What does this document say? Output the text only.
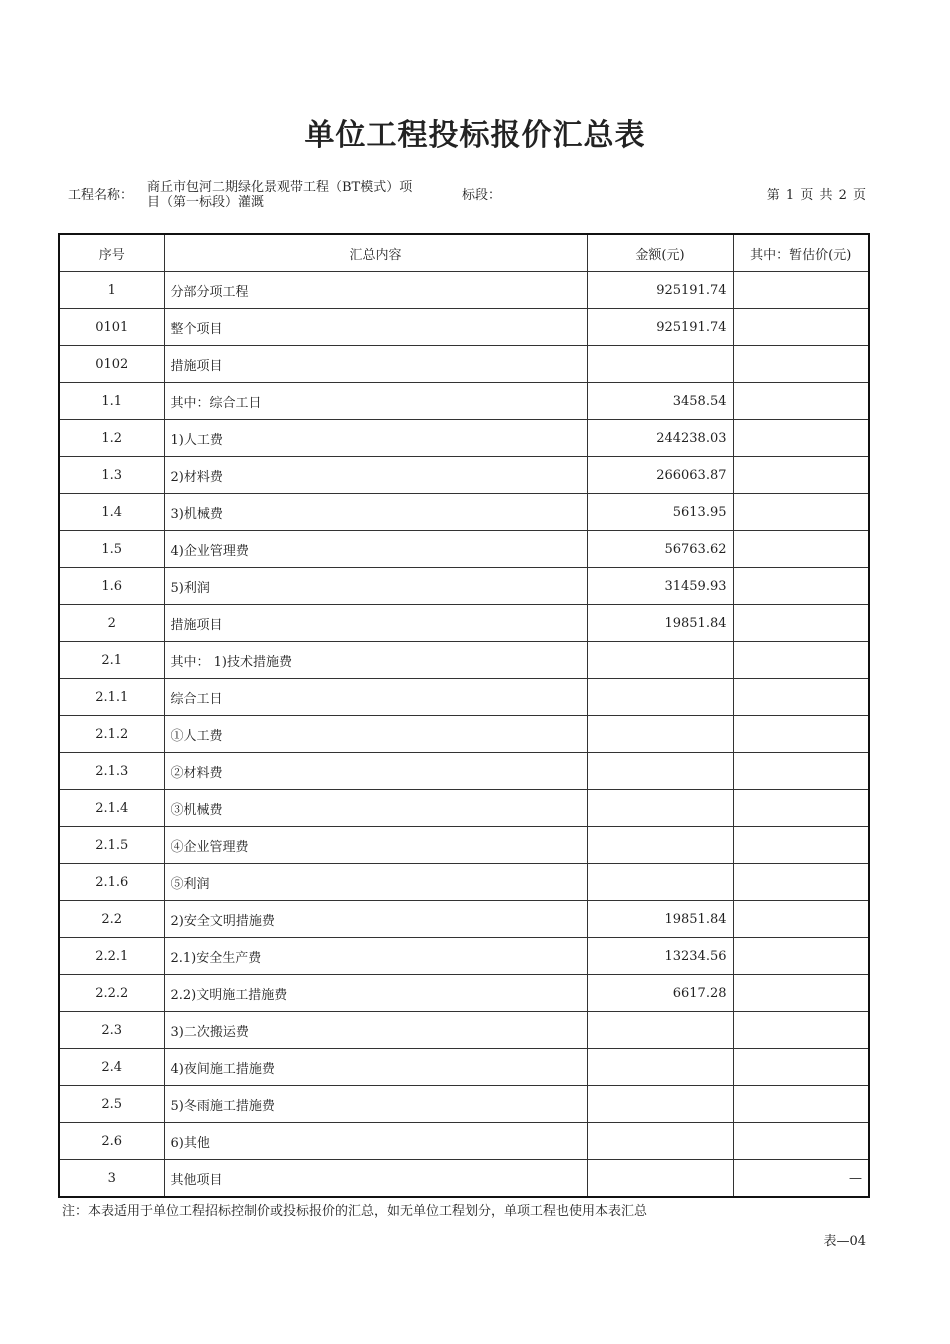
单位工程投标报价汇总表
工程名称：
商丘市包河二期绿化景观带工程（BT模式）项
目（第一标段）灌溉	标段：	第 1 页 共 2 页
序号	汇总内容	金额(元)	其中：暂估价(元)
1	分部分项工程	925191.74	
0101	整个项目	925191.74	
0102	措施项目		
1.1	其中：综合工日	3458.54	
1.2	1)人工费	244238.03	
1.3	2)材料费	266063.87	
1.4	3)机械费	5613.95	
1.5	4)企业管理费	56763.62	
1.6	5)利润	31459.93	
2	措施项目	19851.84	
2.1	其中： 1)技术措施费		
2.1.1	综合工日		
2.1.2	①人工费		
2.1.3	②材料费		
2.1.4	③机械费		
2.1.5	④企业管理费		
2.1.6	⑤利润		
2.2	2)安全文明措施费	19851.84	
2.2.1	2.1)安全生产费	13234.56	
2.2.2	2.2)文明施工措施费	6617.28	
2.3	3)二次搬运费		
2.4	4)夜间施工措施费		
2.5	5)冬雨施工措施费		
2.6	6)其他		
3	其他项目		—
注：本表适用于单位工程招标控制价或投标报价的汇总，如无单位工程划分，单项工程也使用本表汇总
表—04
